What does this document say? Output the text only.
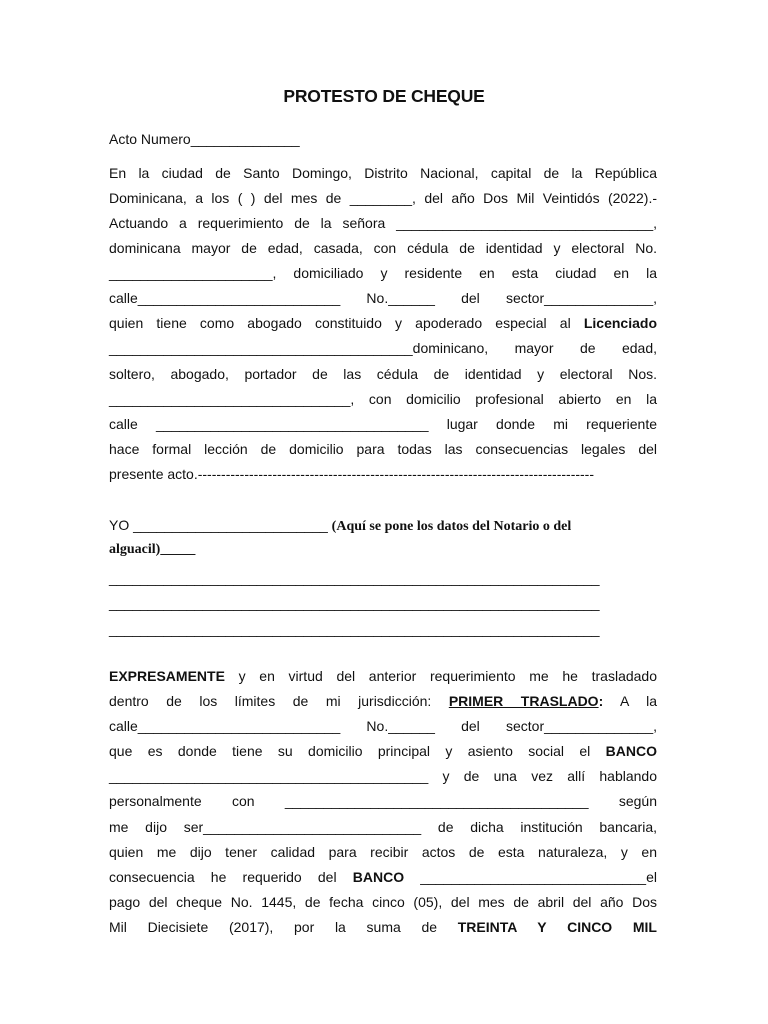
PROTESTO DE CHEQUE
Acto Numero______________
En la ciudad de Santo Domingo, Distrito Nacional, capital de la República
Dominicana, a los ( ) del mes de ________, del año Dos Mil Veintidós (2022).-
Actuando a requerimiento de la señora _________________________________,
dominicana mayor de edad, casada, con cédula de identidad y electoral No.
_____________________, domiciliado y residente en esta ciudad en la
calle__________________________ No.______ del sector______________,
quien tiene como abogado constituido y apoderado especial al Licenciado
_______________________________________dominicano, mayor de edad,
soltero, abogado, portador de las cédula de identidad y electoral Nos.
_______________________________, con domicilio profesional abierto en la
calle ___________________________________ lugar donde mi requeriente
hace formal lección de domicilio para todas las consecuencias legales del
presente acto.-------------------------------------------------------------------------------------
YO _________________________ (Aquí se pone los datos del Notario o del
alguacil)_____
_______________________________________________________________
_______________________________________________________________
_______________________________________________________________
EXPRESAMENTE y en virtud del anterior requerimiento me he trasladado
dentro de los límites de mi jurisdicción: PRIMER TRASLADO: A la
calle__________________________ No.______ del sector______________,
que es donde tiene su domicilio principal y asiento social el BANCO
_________________________________________ y de una vez allí hablando
personalmente con _______________________________________ según
me dijo ser____________________________ de dicha institución bancaria,
quien me dijo tener calidad para recibir actos de esta naturaleza, y en
consecuencia he requerido del BANCO _____________________________el
pago del cheque No. 1445, de fecha cinco (05), del mes de abril del año Dos
Mil Diecisiete (2017), por la suma de TREINTA Y CINCO MIL
